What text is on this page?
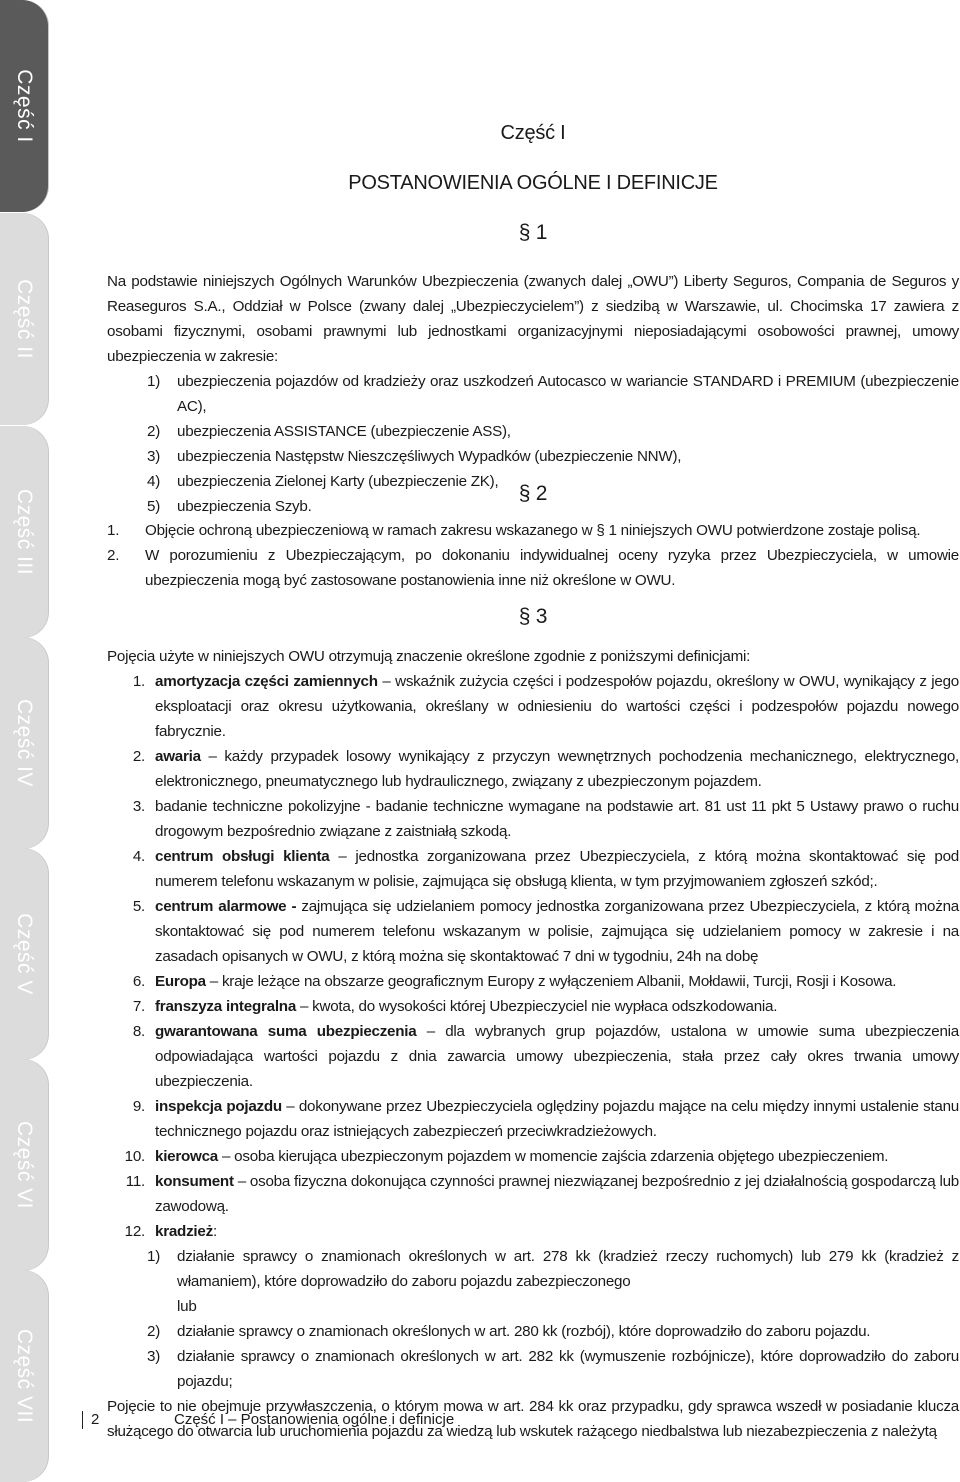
Część I
Część II
Część III
Część IV
Część V
Część VI
Część VII
Część I
POSTANOWIENIA OGÓLNE I DEFINICJE
§ 1

Na podstawie niniejszych Ogólnych Warunków Ubezpieczenia (zwanych dalej „OWU”) Liberty Seguros, Compania de Seguros y Reaseguros S.A., Oddział w Polsce (zwany dalej „Ubezpieczycielem”) z siedzibą w Warszawie, ul. Chocimska 17 zawiera z osobami fizycznymi, osobami prawnymi lub jednostkami organizacyjnymi nieposiadającymi osobowości prawnej, umowy ubezpieczenia w zakresie:

1)	ubezpieczenia pojazdów od kradzieży oraz uszkodzeń Autocasco w wariancie STANDARD i PREMIUM (ubezpieczenie AC),
2)	ubezpieczenia ASSISTANCE (ubezpieczenie ASS),
3)	ubezpieczenia Następstw Nieszczęśliwych Wypadków (ubezpieczenie NNW),
4)	ubezpieczenia Zielonej Karty (ubezpieczenie ZK),
5)	ubezpieczenia Szyb.
§ 2
1.	Objęcie ochroną ubezpieczeniową w ramach zakresu wskazanego w § 1 niniejszych OWU potwierdzone zostaje polisą.
2.	W porozumieniu z Ubezpieczającym, po dokonaniu indywidualnej oceny ryzyka przez Ubezpieczyciela, w umowie ubezpieczenia mogą być zastosowane postanowienia inne niż określone w OWU.
§ 3

Pojęcia użyte w niniejszych OWU otrzymują znaczenie określone zgodnie z poniższymi definicjami:

1. amortyzacja części zamiennych – wskaźnik zużycia części i podzespołów pojazdu, określony w OWU, wynikający z jego eksploatacji oraz okresu użytkowania, określany w odniesieniu do wartości części i podzespołów pojazdu nowego fabrycznie.
2. awaria – każdy przypadek losowy wynikający z przyczyn wewnętrznych pochodzenia mechanicznego, elektrycznego, elektronicznego, pneumatycznego lub hydraulicznego, związany z ubezpieczonym pojazdem.
3. badanie techniczne pokolizyjne - badanie techniczne wymagane na podstawie art. 81 ust 11 pkt 5 Ustawy prawo o ruchu drogowym bezpośrednio związane z zaistniałą szkodą.
4. centrum obsługi klienta – jednostka zorganizowana przez Ubezpieczyciela, z którą można skontaktować się pod numerem telefonu wskazanym w polisie, zajmująca się obsługą klienta, w tym przyjmowaniem zgłoszeń szkód;.
5. centrum alarmowe - zajmująca się udzielaniem pomocy jednostka zorganizowana przez Ubezpieczyciela, z którą można skontaktować się pod numerem telefonu wskazanym w polisie, zajmująca się udzielaniem pomocy w zakresie i na zasadach opisanych w OWU, z którą można się skontaktować 7 dni w tygodniu, 24h na dobę
6. Europa – kraje leżące na obszarze geograficznym Europy z wyłączeniem Albanii, Mołdawii, Turcji, Rosji i Kosowa.
7. franszyza integralna – kwota, do wysokości której Ubezpieczyciel nie wypłaca odszkodowania.
8. gwarantowana suma ubezpieczenia – dla wybranych grup pojazdów, ustalona w umowie suma ubezpieczenia odpowiadająca wartości pojazdu z dnia zawarcia umowy ubezpieczenia, stała przez cały okres trwania umowy ubezpieczenia.
9. inspekcja pojazdu – dokonywane przez Ubezpieczyciela oględziny pojazdu mające na celu między innymi ustalenie stanu technicznego pojazdu oraz istniejących zabezpieczeń przeciwkradzieżowych.
10. kierowca – osoba kierująca ubezpieczonym pojazdem w momencie zajścia zdarzenia objętego ubezpieczeniem.
11. konsument – osoba fizyczna dokonująca czynności prawnej niezwiązanej bezpośrednio z jej działalnością gospodarczą lub zawodową.
12. kradzież:
1)	działanie sprawcy o znamionach określonych w art. 278 kk (kradzież rzeczy ruchomych) lub 279 kk (kradzież z włamaniem), które doprowadziło do zaboru pojazdu zabezpieczonego
lub
2)	działanie sprawcy o znamionach określonych w art. 280 kk (rozbój), które doprowadziło do zaboru pojazdu.
3)	działanie sprawcy o znamionach określonych w art. 282 kk (wymuszenie rozbójnicze), które doprowadziło do zaboru pojazdu;

Pojęcie to nie obejmuje przywłaszczenia, o którym mowa w art. 284 kk oraz przypadku, gdy sprawca wszedł w posiadanie klucza służącego do otwarcia lub uruchomienia pojazdu za wiedzą lub wskutek rażącego niedbalstwa lub niezabezpieczenia z należytą

2	Część I – Postanowienia ogólne i definicje
